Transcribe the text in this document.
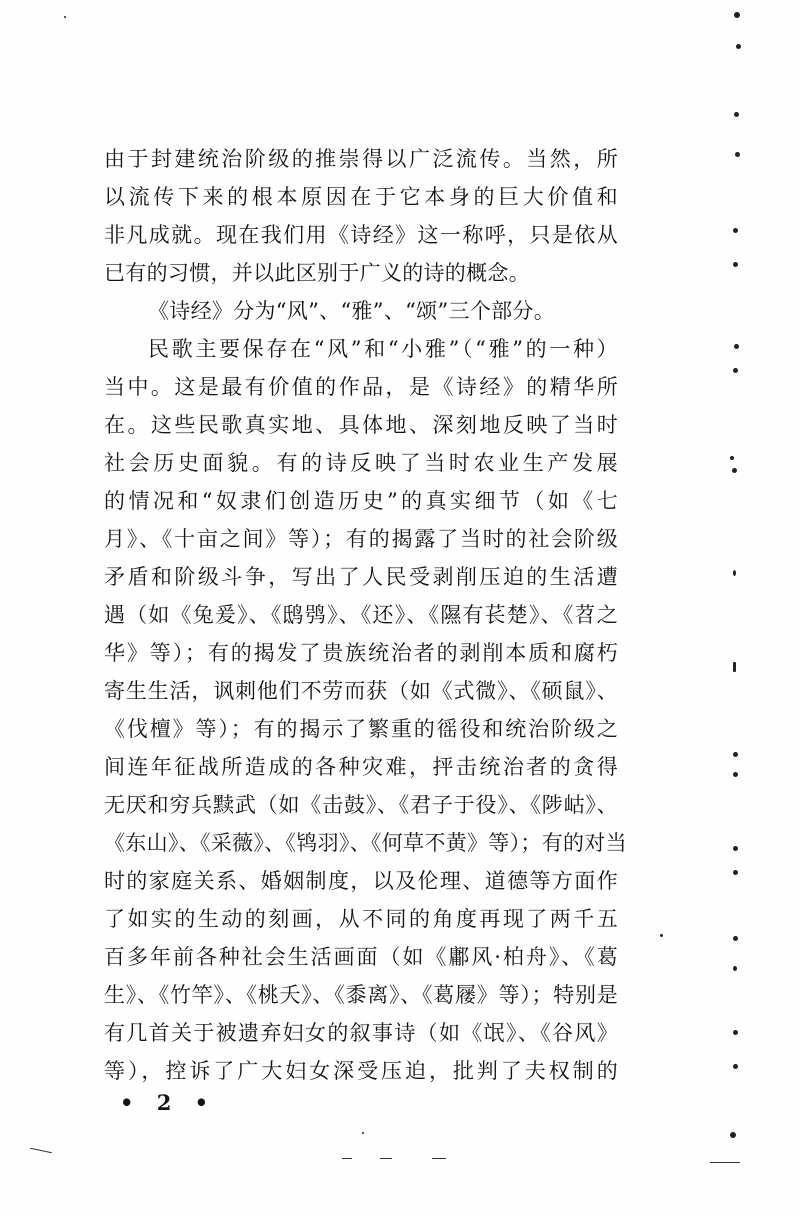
由于封建统治阶级的推崇得以广泛流传。当然，所
以流传下来的根本原因在于它本身的巨大价值和
非凡成就。现在我们用《诗经》这一称呼，只是依从
已有的习惯，并以此区别于广义的诗的概念。
《诗经》分为“风”、“雅”、“颂”三个部分。
民歌主要保存在“风”和“小雅”（“雅”的一种）
当中。这是最有价值的作品，是《诗经》的精华所
在。这些民歌真实地、具体地、深刻地反映了当时
社会历史面貌。有的诗反映了当时农业生产发展
的情况和“奴隶们创造历史”的真实细节（如《七
月》、《十亩之间》等）；有的揭露了当时的社会阶级
矛盾和阶级斗争，写出了人民受剥削压迫的生活遭
遇（如《兔爰》、《鸱鸮》、《还》、《隰有苌楚》、《苕之
华》等）；有的揭发了贵族统治者的剥削本质和腐朽
寄生生活，讽刺他们不劳而获（如《式微》、《硕鼠》、
《伐檀》等）；有的揭示了繁重的徭役和统治阶级之
间连年征战所造成的各种灾难，抨击统治者的贪得
无厌和穷兵黩武（如《击鼓》、《君子于役》、《陟岵》、
《东山》、《采薇》、《鸨羽》、《何草不黄》等）；有的对当
时的家庭关系、婚姻制度，以及伦理、道德等方面作
了如实的生动的刻画，从不同的角度再现了两千五
百多年前各种社会生活画面（如《鄘风·柏舟》、《葛
生》、《竹竿》、《桃夭》、《黍离》、《葛屦》等）；特别是
有几首关于被遗弃妇女的叙事诗（如《氓》、《谷风》
等），控诉了广大妇女深受压迫，批判了夫权制的
• 2 •
